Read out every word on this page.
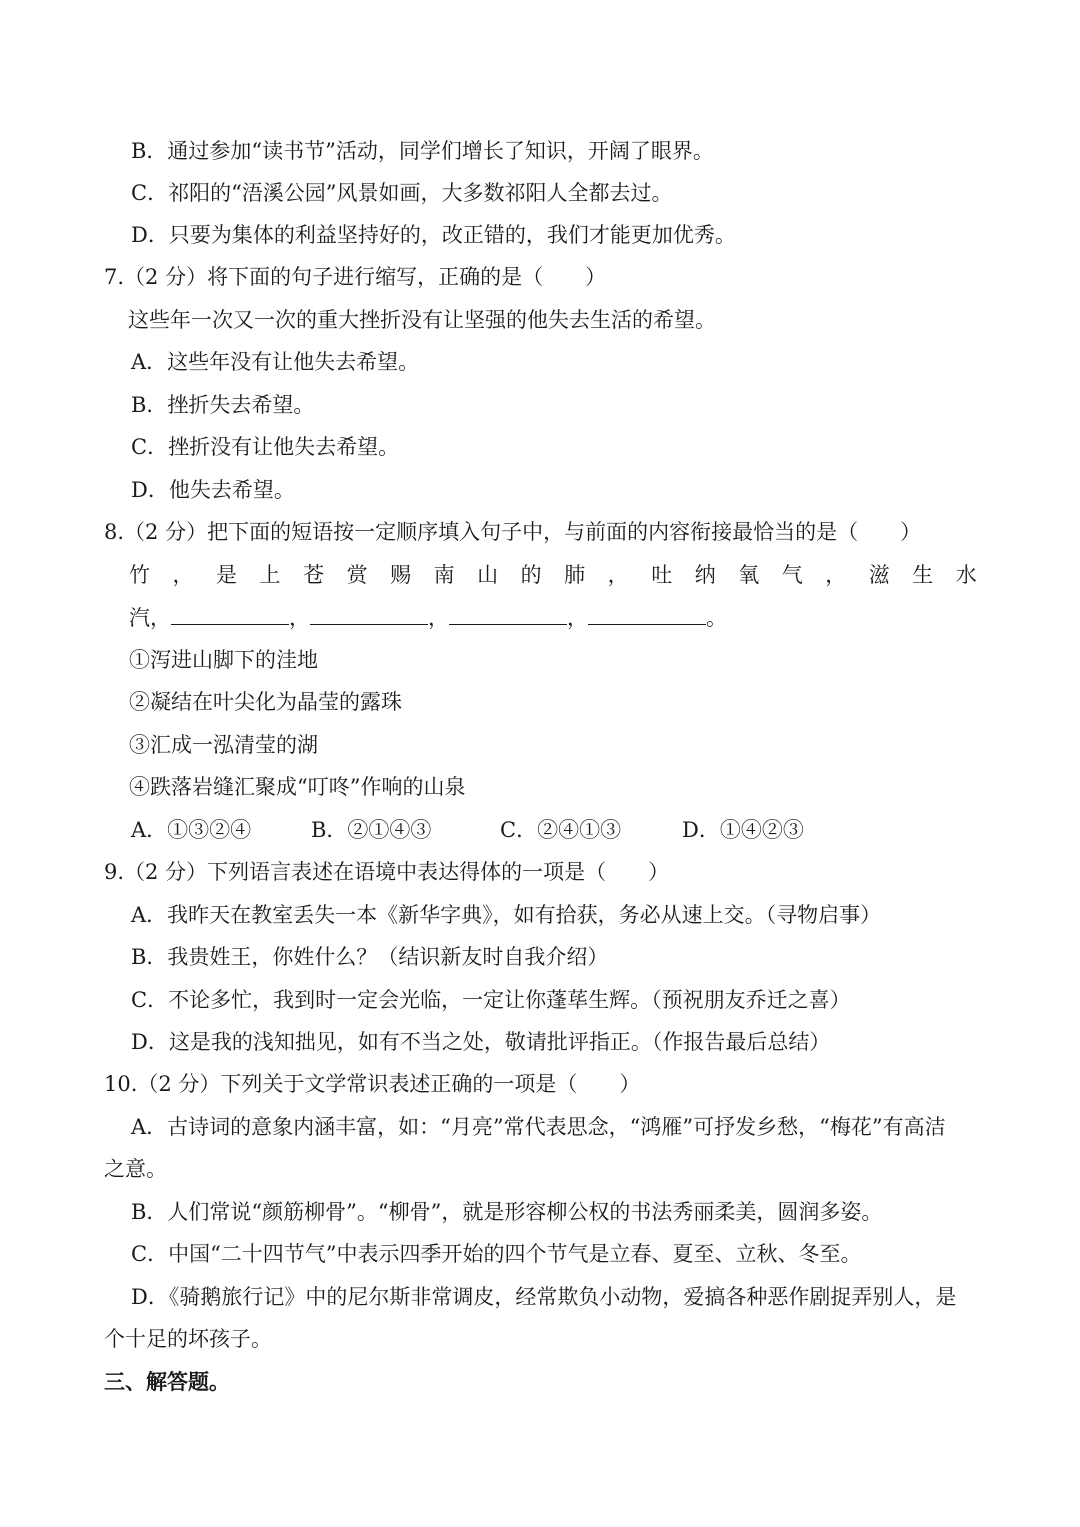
B．通过参加“读书节”活动，同学们增长了知识，开阔了眼界。
C．祁阳的“浯溪公园”风景如画，大多数祁阳人全都去过。
D．只要为集体的利益坚持好的，改正错的，我们才能更加优秀。
7.（2 分）将下面的句子进行缩写，正确的是（　　）
这些年一次又一次的重大挫折没有让坚强的他失去生活的希望。
A．这些年没有让他失去希望。
B．挫折失去希望。
C．挫折没有让他失去希望。
D．他失去希望。
8.（2 分）把下面的短语按一定顺序填入句子中，与前面的内容衔接最恰当的是（　　）
竹 ， 是 上 苍 赏 赐 南 山 的 肺 ， 吐 纳 氧 气 ， 滋 生 水
汽，	，	，	，	。
①泻进山脚下的洼地
②凝结在叶尖化为晶莹的露珠
③汇成一泓清莹的湖
④跌落岩缝汇聚成“叮咚”作响的山泉
A．①③②④	B．②①④③	C．②④①③	D．①④②③
9.（2 分）下列语言表述在语境中表达得体的一项是（　　）
A．我昨天在教室丢失一本《新华字典》，如有拾获，务必从速上交。（寻物启事）
B．我贵姓王，你姓什么？（结识新友时自我介绍）
C．不论多忙，我到时一定会光临，一定让你蓬荜生辉。（预祝朋友乔迁之喜）
D．这是我的浅知拙见，如有不当之处，敬请批评指正。（作报告最后总结）
10.（2 分）下列关于文学常识表述正确的一项是（　　）
A．古诗词的意象内涵丰富，如：“月亮”常代表思念，“鸿雁”可抒发乡愁，“梅花”有高洁
之意。
B．人们常说“颜筋柳骨”。“柳骨”，就是形容柳公权的书法秀丽柔美，圆润多姿。
C．中国“二十四节气”中表示四季开始的四个节气是立春、夏至、立秋、冬至。
D．《骑鹅旅行记》中的尼尔斯非常调皮，经常欺负小动物，爱搞各种恶作剧捉弄别人，是
个十足的坏孩子。
三、解答题。
